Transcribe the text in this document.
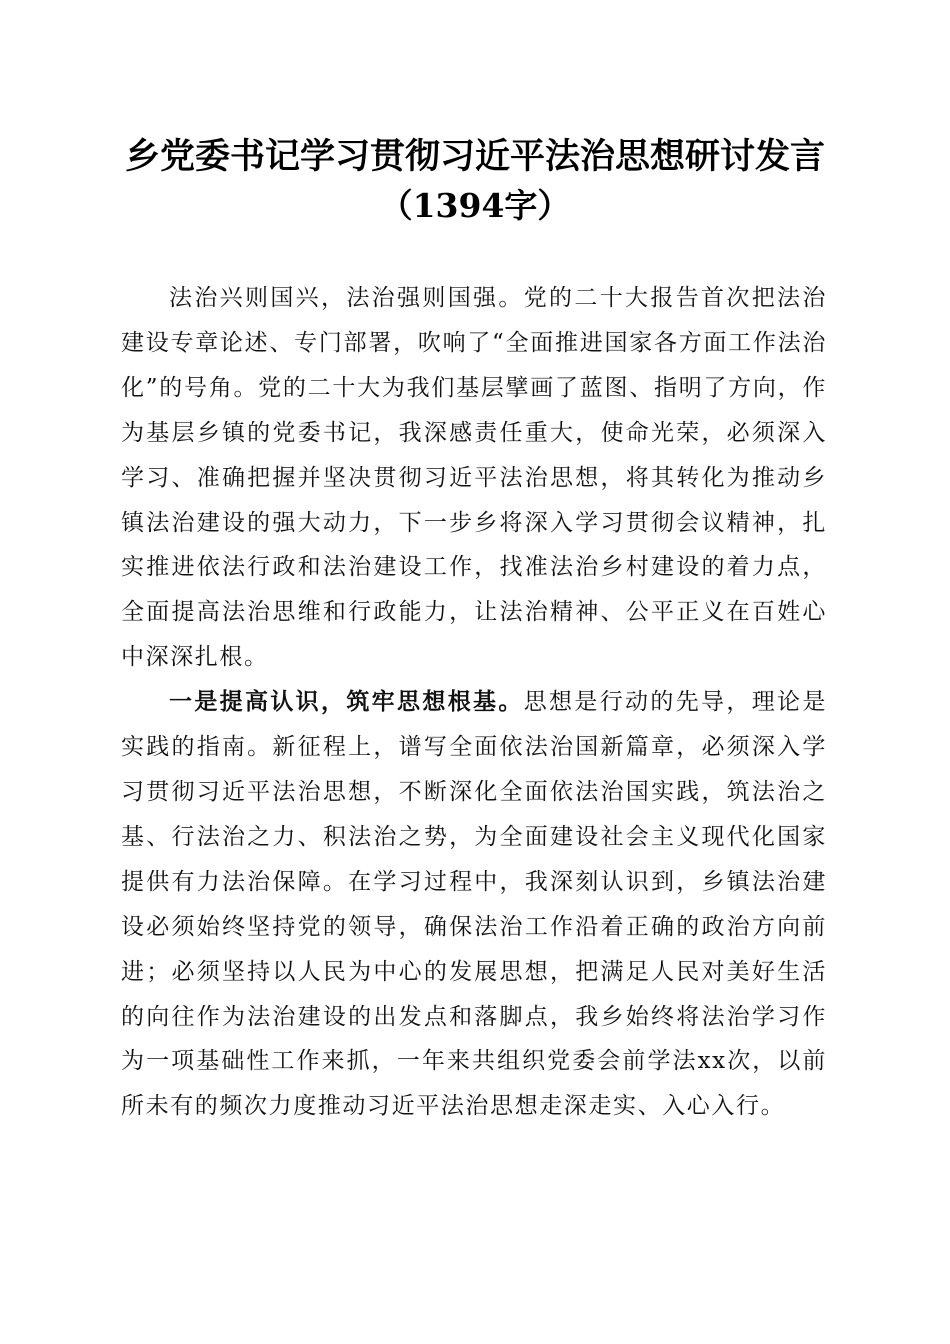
乡党委书记学习贯彻习近平法治思想研讨发言
（1394字）

法治兴则国兴，法治强则国强。党的二十大报告首次把法治建设专章论述、专门部署，吹响了“全面推进国家各方面工作法治化”的号角。党的二十大为我们基层擘画了蓝图、指明了方向，作为基层乡镇的党委书记，我深感责任重大，使命光荣，必须深入学习、准确把握并坚决贯彻习近平法治思想，将其转化为推动乡镇法治建设的强大动力，下一步乡将深入学习贯彻会议精神，扎实推进依法行政和法治建设工作，找准法治乡村建设的着力点，全面提高法治思维和行政能力，让法治精神、公平正义在百姓心中深深扎根。

一是提高认识，筑牢思想根基。思想是行动的先导，理论是实践的指南。新征程上，谱写全面依法治国新篇章，必须深入学习贯彻习近平法治思想，不断深化全面依法治国实践，筑法治之基、行法治之力、积法治之势，为全面建设社会主义现代化国家提供有力法治保障。在学习过程中，我深刻认识到，乡镇法治建设必须始终坚持党的领导，确保法治工作沿着正确的政治方向前进；必须坚持以人民为中心的发展思想，把满足人民对美好生活的向往作为法治建设的出发点和落脚点，我乡始终将法治学习作为一项基础性工作来抓，一年来共组织党委会前学法xx次，以前所未有的频次力度推动习近平法治思想走深走实、入心入行。
